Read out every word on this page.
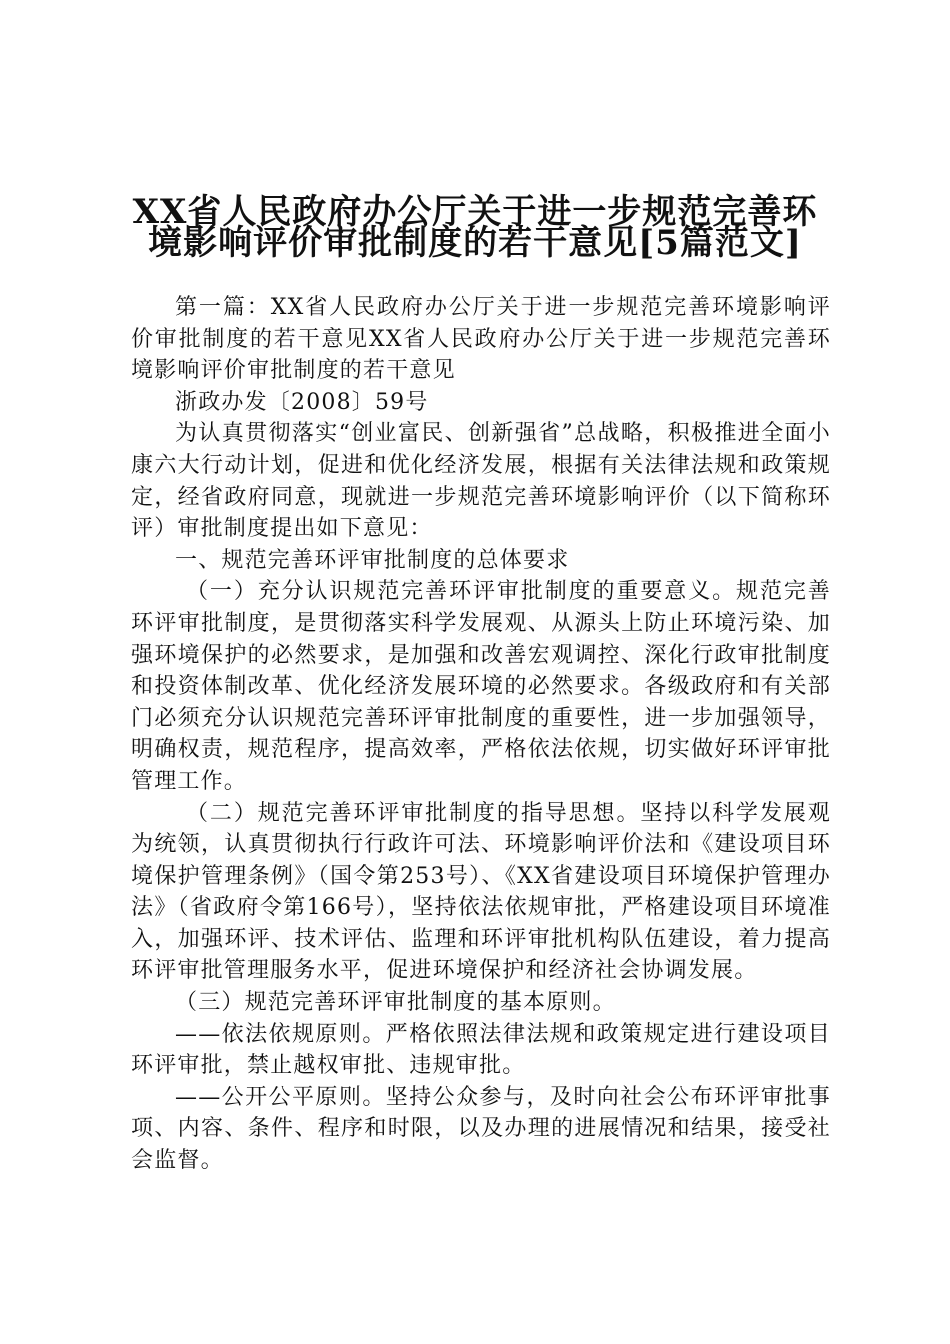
XX省人民政府办公厅关于进一步规范完善环
境影响评价审批制度的若干意见[5篇范文]

第一篇：XX省人民政府办公厅关于进一步规范完善环境影响评价审批制度的若干意见XX省人民政府办公厅关于进一步规范完善环境影响评价审批制度的若干意见

浙政办发〔2008〕59号

为认真贯彻落实“创业富民、创新强省”总战略，积极推进全面小康六大行动计划，促进和优化经济发展，根据有关法律法规和政策规定，经省政府同意，现就进一步规范完善环境影响评价（以下简称环评）审批制度提出如下意见：

一、规范完善环评审批制度的总体要求

（一）充分认识规范完善环评审批制度的重要意义。规范完善环评审批制度，是贯彻落实科学发展观、从源头上防止环境污染、加强环境保护的必然要求，是加强和改善宏观调控、深化行政审批制度和投资体制改革、优化经济发展环境的必然要求。各级政府和有关部门必须充分认识规范完善环评审批制度的重要性，进一步加强领导，明确权责，规范程序，提高效率，严格依法依规，切实做好环评审批管理工作。

（二）规范完善环评审批制度的指导思想。坚持以科学发展观为统领，认真贯彻执行行政许可法、环境影响评价法和《建设项目环境保护管理条例》（国令第253号）、《XX省建设项目环境保护管理办法》（省政府令第166号），坚持依法依规审批，严格建设项目环境准入，加强环评、技术评估、监理和环评审批机构队伍建设，着力提高环评审批管理服务水平，促进环境保护和经济社会协调发展。

（三）规范完善环评审批制度的基本原则。

——依法依规原则。严格依照法律法规和政策规定进行建设项目环评审批，禁止越权审批、违规审批。

——公开公平原则。坚持公众参与，及时向社会公布环评审批事项、内容、条件、程序和时限，以及办理的进展情况和结果，接受社会监督。
